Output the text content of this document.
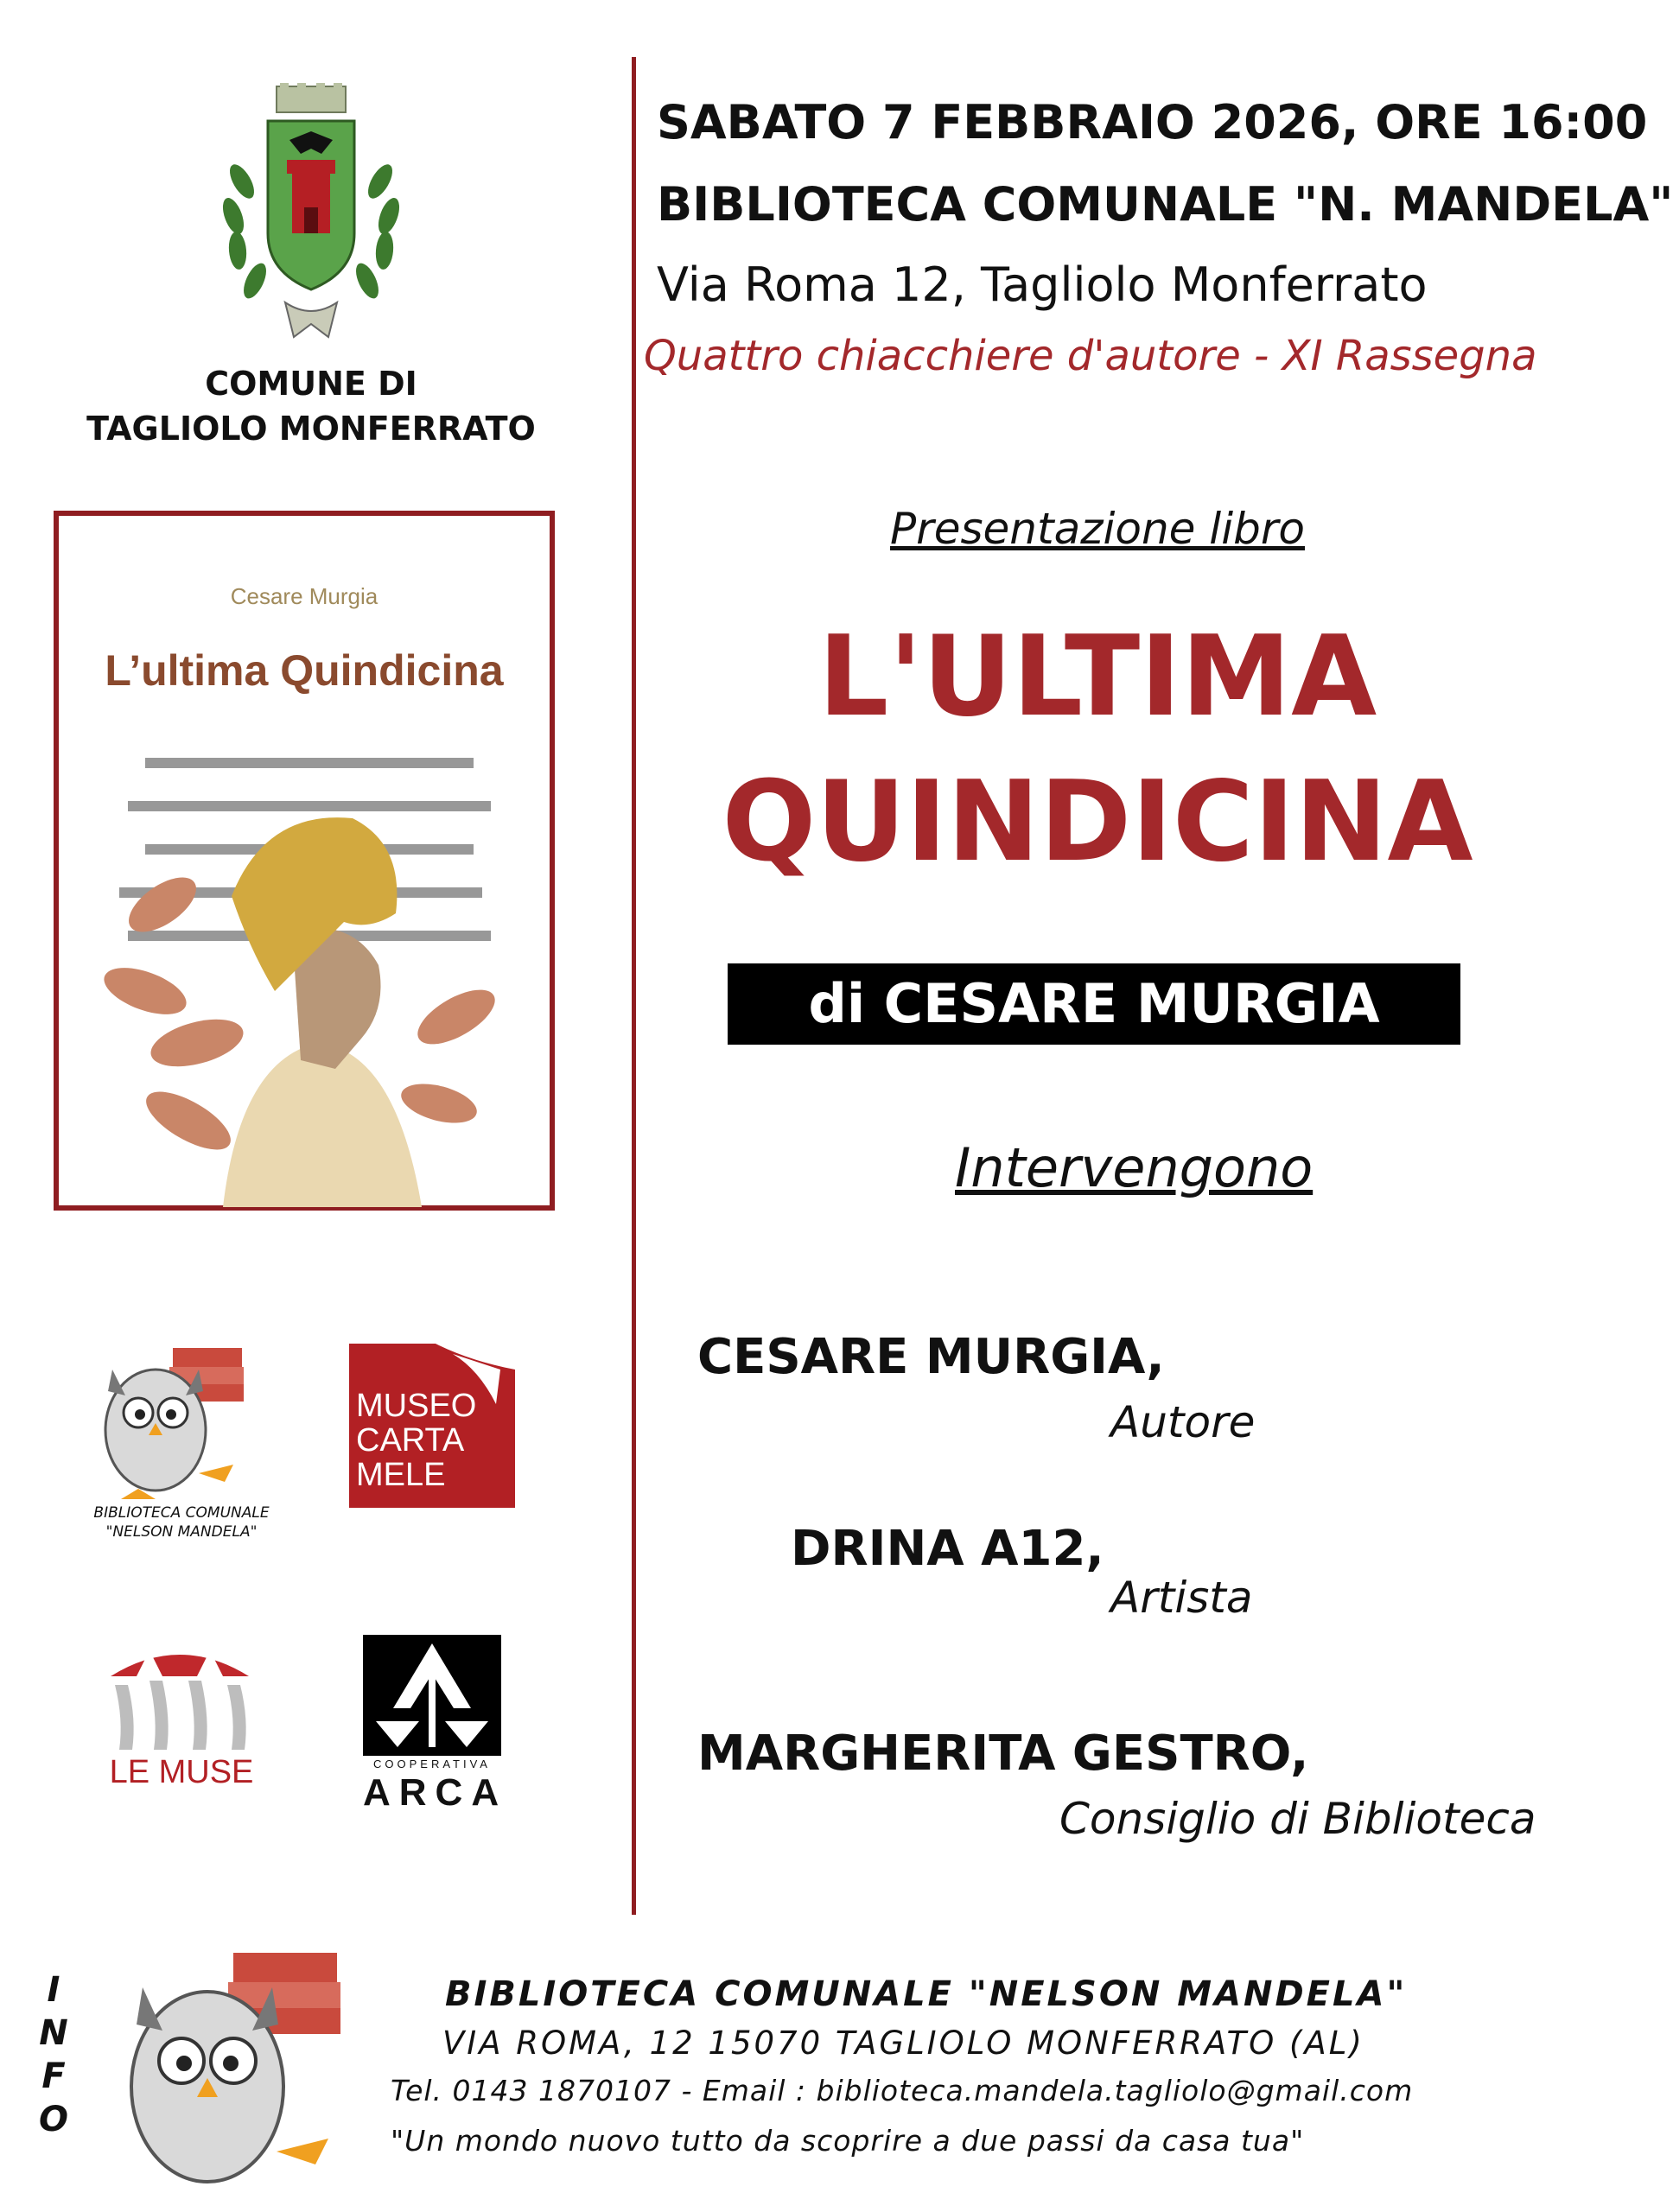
COMUNE DI
TAGLIOLO MONFERRATO
Cesare Murgia
L’ultima Quindicina
BIBLIOTECA COMUNALE
"NELSON MANDELA"
MUSEO
CARTA
MELE
LE MUSE	COOPERATIVA
ARCA
SABATO 7 FEBBRAIO 2026, ORE 16:00
BIBLIOTECA COMUNALE "N. MANDELA"
Via Roma 12, Tagliolo Monferrato
Quattro chiacchiere d'autore - XI Rassegna
Presentazione libro
L'ULTIMA
QUINDICINA
di CESARE MURGIA
Intervengono
CESARE MURGIA,
Autore
DRINA A12,
Artista
MARGHERITA GESTRO,
Consiglio di Biblioteca
I
N
F
O
BIBLIOTECA COMUNALE "NELSON MANDELA"
VIA ROMA, 12 15070 TAGLIOLO MONFERRATO (AL)
Tel. 0143 1870107 - Email : biblioteca.mandela.tagliolo@gmail.com
"Un mondo nuovo tutto da scoprire a due passi da casa tua"
